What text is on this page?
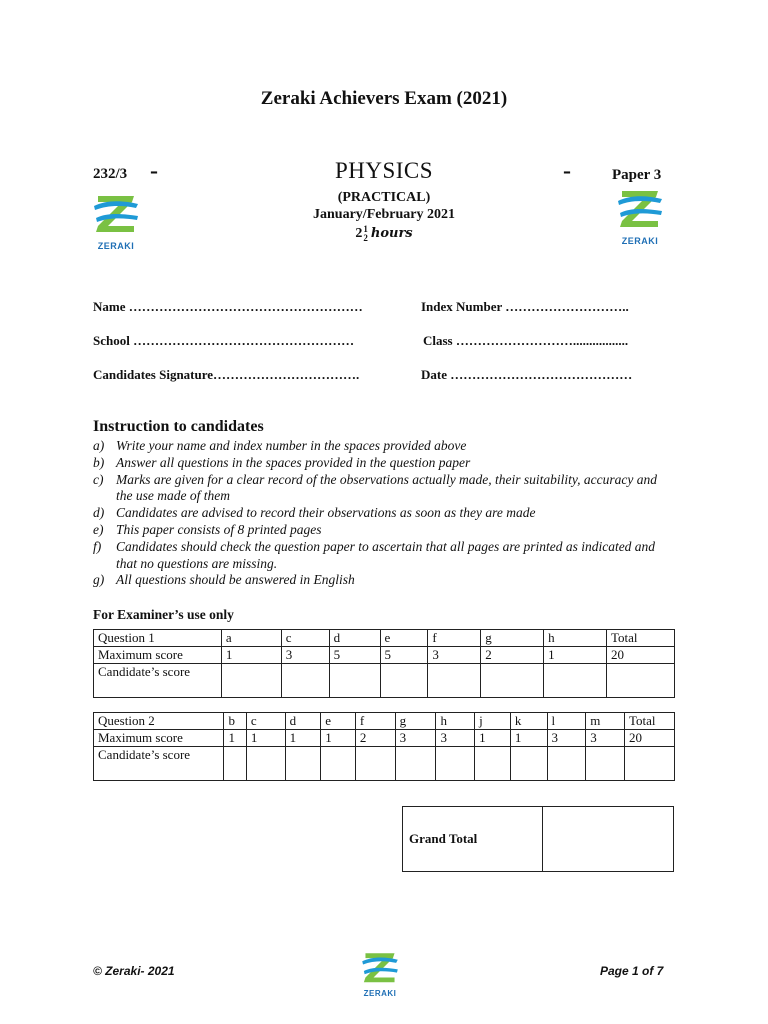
Zeraki Achievers Exam (2021)
232/3 -	PHYSICS	-	Paper 3
(PRACTICAL)
January/February 2021
2 1
2 hours
ZERAKI	ZERAKI
Name ………………………………………………	Index Number ………………………..
School ……………………………………………	Class ……………………….................
Candidates Signature…………………………….	Date ……………………………………
Instruction to candidates
a) Write your name and index number in the spaces provided above
b) Answer all questions in the spaces provided in the question paper
c) Marks are given for a clear record of the observations actually made, their suitability, accuracy and the use made of them
d) Candidates are advised to record their observations as soon as they are made
e) This paper consists of 8 printed pages
f)	Candidates should check the question paper to ascertain that all pages are printed as indicated and that no questions are missing.
g) All questions should be answered in English
For Examiner’s use only
Question 1	a	c	d	e	f	g	h	Total
Maximum score	1	3	5	5	3	2	1	20
Candidate’s score								
Question 2	b	c	d	e	f	g	h	j	k	l	m	Total
Maximum score	1	1	1	1	2	3	3	1	1	3	3	20
Candidate’s score												
Grand Total	
© Zeraki- 2021
ZERAKI
Page 1 of 7
